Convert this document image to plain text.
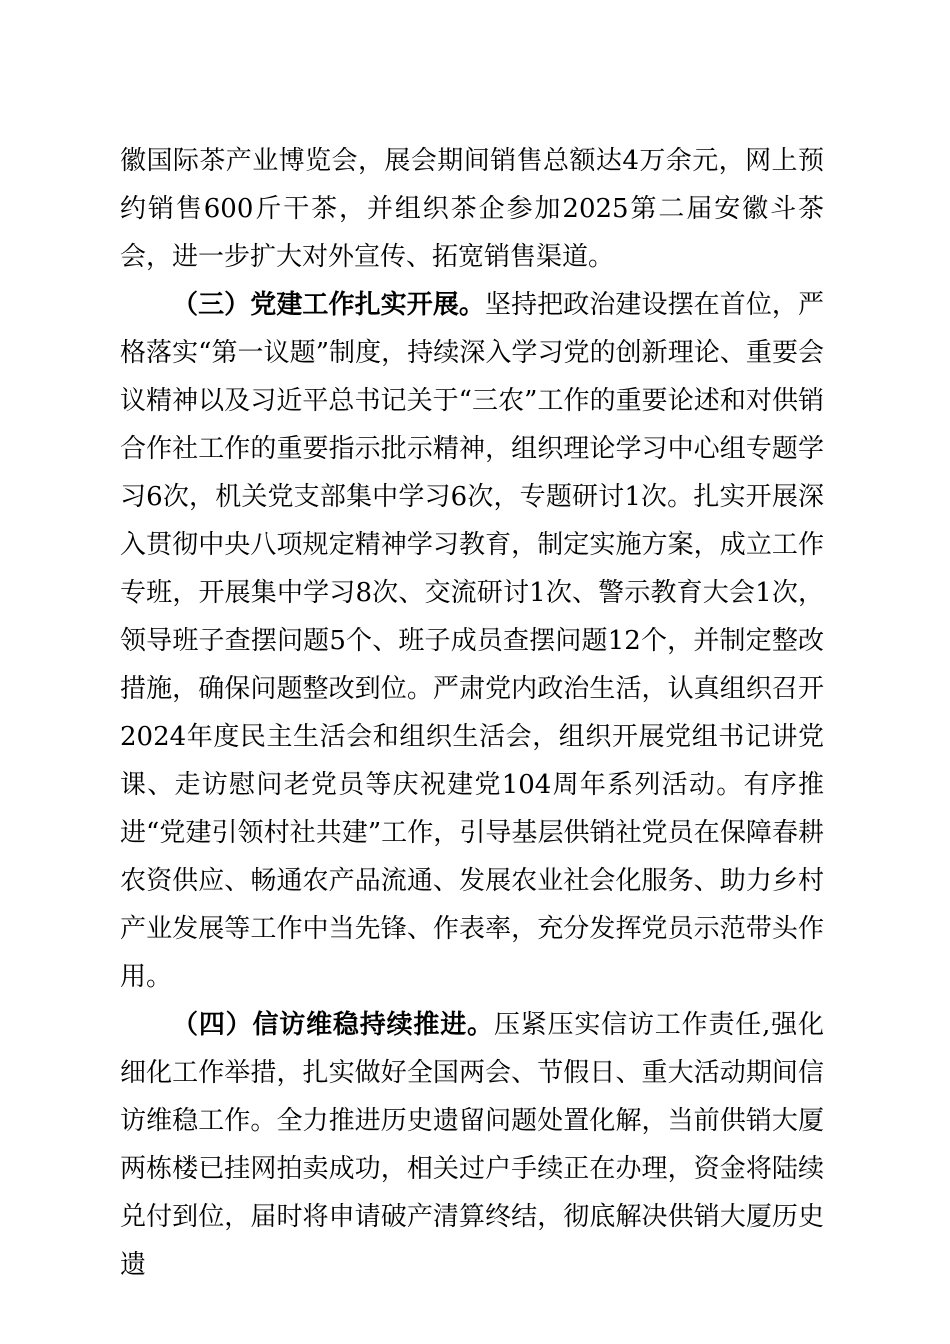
徽国际茶产业博览会，展会期间销售总额达4万余元，网上预约销售600斤干茶，并组织茶企参加2025第二届安徽斗茶会，进一步扩大对外宣传、拓宽销售渠道。

（三）党建工作扎实开展。坚持把政治建设摆在首位，严格落实“第一议题”制度，持续深入学习党的创新理论、重要会议精神以及习近平总书记关于“三农”工作的重要论述和对供销合作社工作的重要指示批示精神，组织理论学习中心组专题学习6次，机关党支部集中学习6次，专题研讨1次。扎实开展深入贯彻中央八项规定精神学习教育，制定实施方案，成立工作专班，开展集中学习8次、交流研讨1次、警示教育大会1次，领导班子查摆问题5个、班子成员查摆问题12个，并制定整改措施，确保问题整改到位。严肃党内政治生活，认真组织召开2024年度民主生活会和组织生活会，组织开展党组书记讲党课、走访慰问老党员等庆祝建党104周年系列活动。有序推进“党建引领村社共建”工作，引导基层供销社党员在保障春耕农资供应、畅通农产品流通、发展农业社会化服务、助力乡村产业发展等工作中当先锋、作表率，充分发挥党员示范带头作用。

（四）信访维稳持续推进。压紧压实信访工作责任,强化细化工作举措，扎实做好全国两会、节假日、重大活动期间信访维稳工作。全力推进历史遗留问题处置化解，当前供销大厦两栋楼已挂网拍卖成功，相关过户手续正在办理，资金将陆续兑付到位，届时将申请破产清算终结，彻底解决供销大厦历史遗
